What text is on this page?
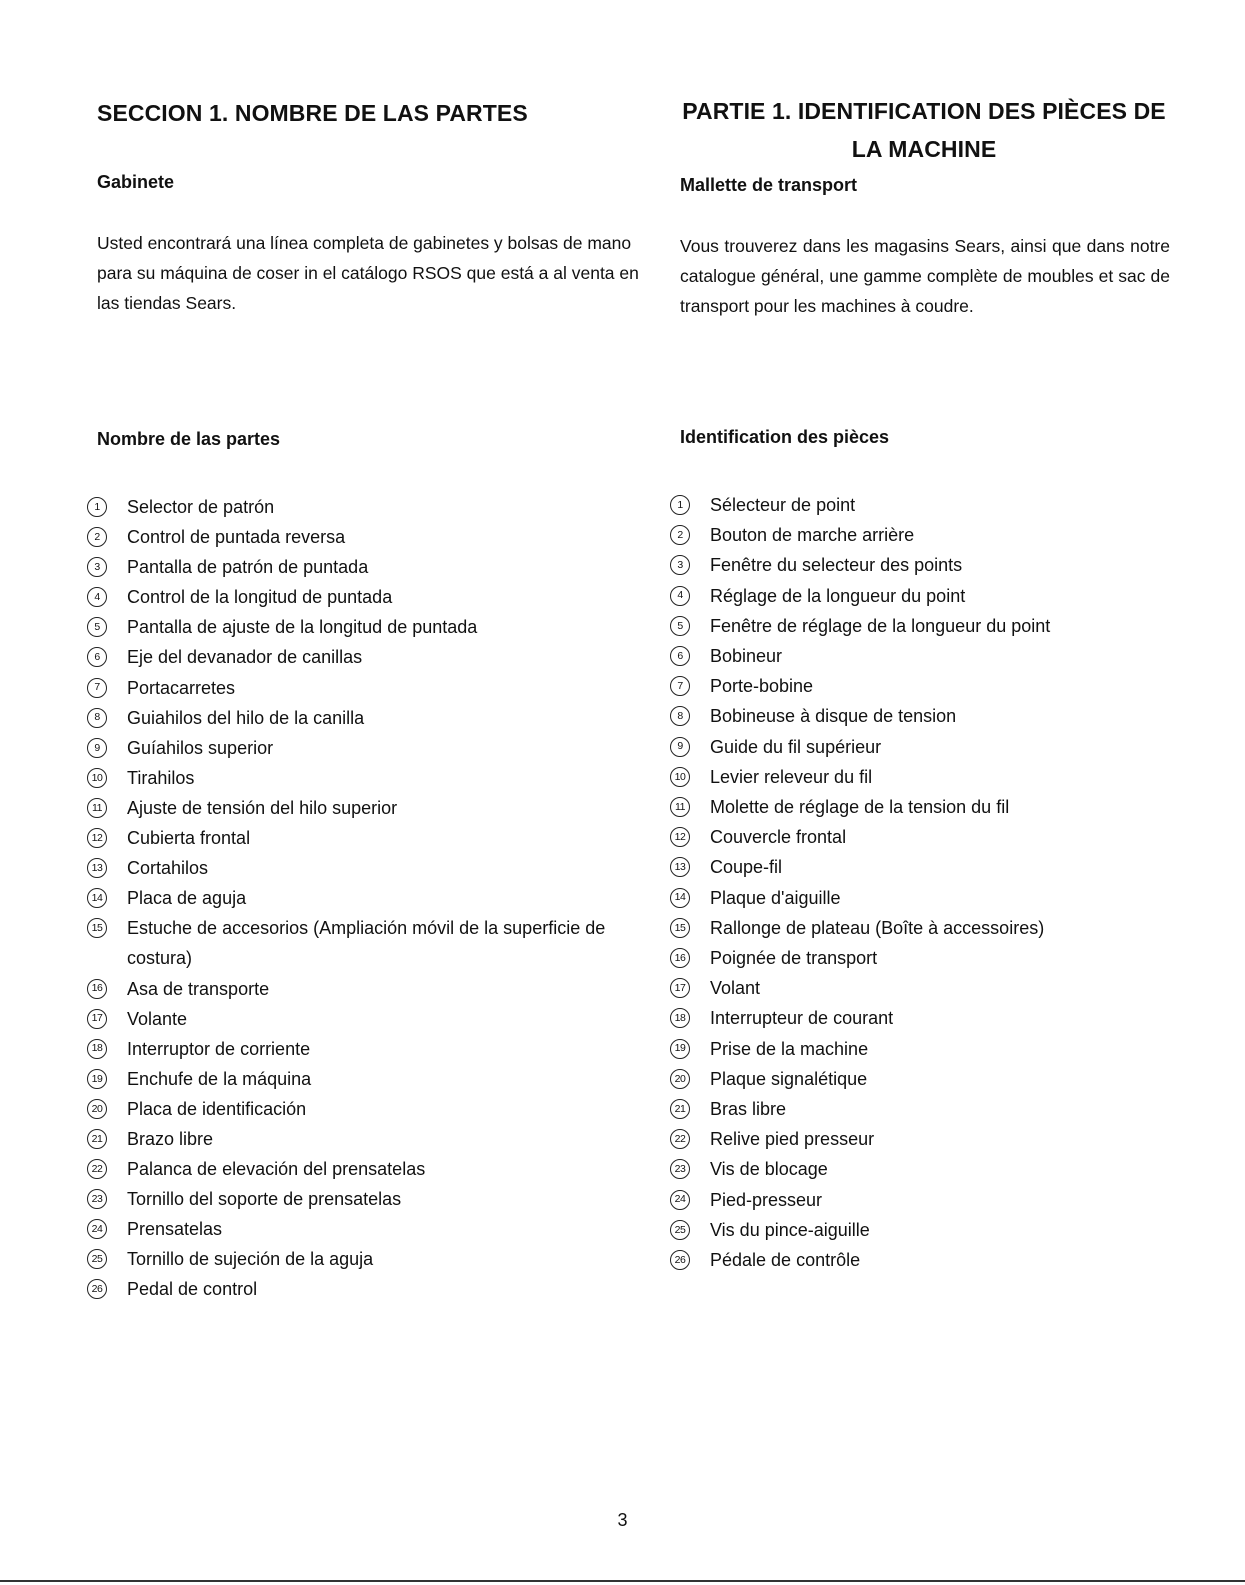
SECCION 1. NOMBRE DE LAS PARTES
Gabinete

Usted encontrará una línea completa de gabinetes y bolsas de mano para su máquina de coser in el catálogo RSOS que está a al venta en las tiendas Sears.

Nombre de las partes
1	Selector de patrón
2	Control de puntada reversa
3	Pantalla de patrón de puntada
4	Control de la longitud de puntada
5	Pantalla de ajuste de la longitud de puntada
6	Eje del devanador de canillas
7	Portacarretes
8	Guiahilos del hilo de la canilla
9	Guíahilos superior
10 Tirahilos
11 Ajuste de tensión del hilo superior
12 Cubierta frontal
13 Cortahilos
14 Placa de aguja
15 Estuche de accesorios (Ampliación móvil de la superficie de costura)
16 Asa de transporte
17 Volante
18 Interruptor de corriente
19 Enchufe de la máquina
20 Placa de identificación
21 Brazo libre
22 Palanca de elevación del prensatelas
23 Tornillo del soporte de prensatelas
24 Prensatelas
25 Tornillo de sujeción de la aguja
26 Pedal de control
PARTIE 1. IDENTIFICATION DES PIÈCES DE LA MACHINE
Mallette de transport

Vous trouverez dans les magasins Sears, ainsi que dans notre catalogue général, une gamme complète de moubles et sac de transport pour les machines à coudre.

Identification des pièces
1	Sélecteur de point
2	Bouton de marche arrière
3	Fenêtre du selecteur des points
4	Réglage de la longueur du point
5	Fenêtre de réglage de la longueur du point
6	Bobineur
7	Porte-bobine
8	Bobineuse à disque de tension
9	Guide du fil supérieur
10 Levier releveur du fil
11 Molette de réglage de la tension du fil
12 Couvercle frontal
13 Coupe-fil
14 Plaque d'aiguille
15 Rallonge de plateau (Boîte à accessoires)
16 Poignée de transport
17 Volant
18 Interrupteur de courant
19 Prise de la machine
20 Plaque signalétique
21 Bras libre
22 Relive pied presseur
23 Vis de blocage
24 Pied-presseur
25 Vis du pince-aiguille
26 Pédale de contrôle
3
